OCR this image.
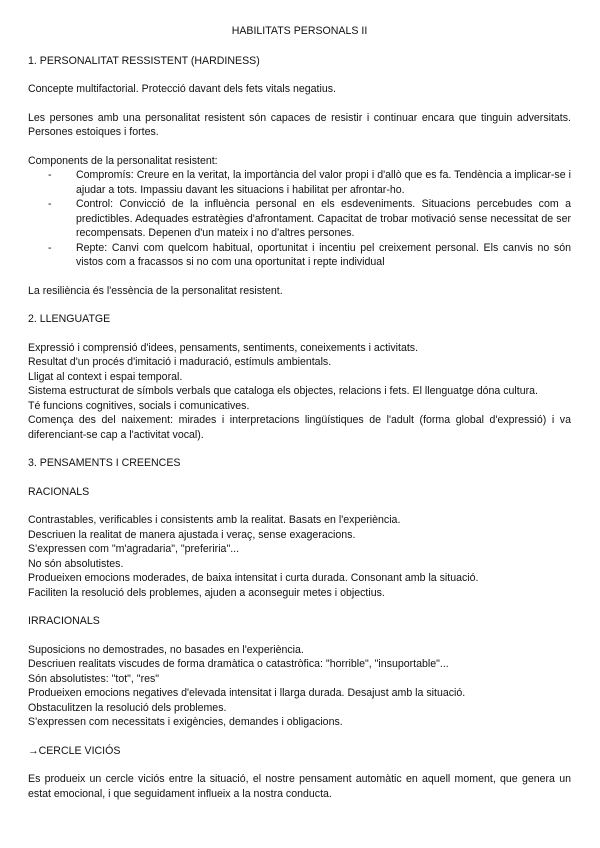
HABILITATS PERSONALS II

1. PERSONALITAT RESSISTENT (HARDINESS)

Concepte multifactorial. Protecció davant dels fets vitals negatius.

Les persones amb una personalitat resistent són capaces de resistir i continuar encara que tinguin adversitats. Persones estoiques i fortes.

Components de la personalitat resistent:

- Compromís: Creure en la veritat, la importància del valor propi i d'allò que es fa. Tendència a implicar-se i ajudar a tots. Impassiu davant les situacions i habilitat per afrontar-ho.
- Control: Convicció de la influència personal en els esdeveniments. Situacions percebudes com a predictibles. Adequades estratègies d'afrontament. Capacitat de trobar motivació sense necessitat de ser recompensats. Depenen d'un mateix i no d'altres persones.
- Repte: Canvi com quelcom habitual, oportunitat i incentiu pel creixement personal. Els canvis no són vistos com a fracassos si no com una oportunitat i repte individual

La resiliència és l'essència de la personalitat resistent.

2. LLENGUATGE

Expressió i comprensió d'idees, pensaments, sentiments, coneixements i activitats.

Resultat d'un procés d'imitació i maduració, estímuls ambientals.

Lligat al context i espai temporal.

Sistema estructurat de símbols verbals que cataloga els objectes, relacions i fets. El llenguatge dóna cultura.

Té funcions cognitives, socials i comunicatives.

Comença des del naixement: mirades i interpretacions lingüístiques de l'adult (forma global d'expressió) i va diferenciant-se cap a l'activitat vocal).

3. PENSAMENTS I CREENCES

RACIONALS

Contrastables, verificables i consistents amb la realitat. Basats en l'experiència.

Descriuen la realitat de manera ajustada i veraç, sense exageracions.

S'expressen com "m'agradaria", "preferiria"...

No són absolutistes.

Produeixen emocions moderades, de baixa intensitat i curta durada. Consonant amb la situació.

Faciliten la resolució dels problemes, ajuden a aconseguir metes i objectius.

IRRACIONALS

Suposicions no demostrades, no basades en l'experiència.

Descriuen realitats viscudes de forma dramàtica o catastròfica: "horrible", "insuportable"...

Són absolutistes: "tot", "res"

Produeixen emocions negatives d'elevada intensitat i llarga durada. Desajust amb la situació.

Obstaculitzen la resolució dels problemes.

S'expressen com necessitats i exigències, demandes i obligacions.

→CERCLE VICIÓS

Es produeix un cercle viciós entre la situació, el nostre pensament automàtic en aquell moment, que genera un estat emocional, i que seguidament influeix a la nostra conducta.
